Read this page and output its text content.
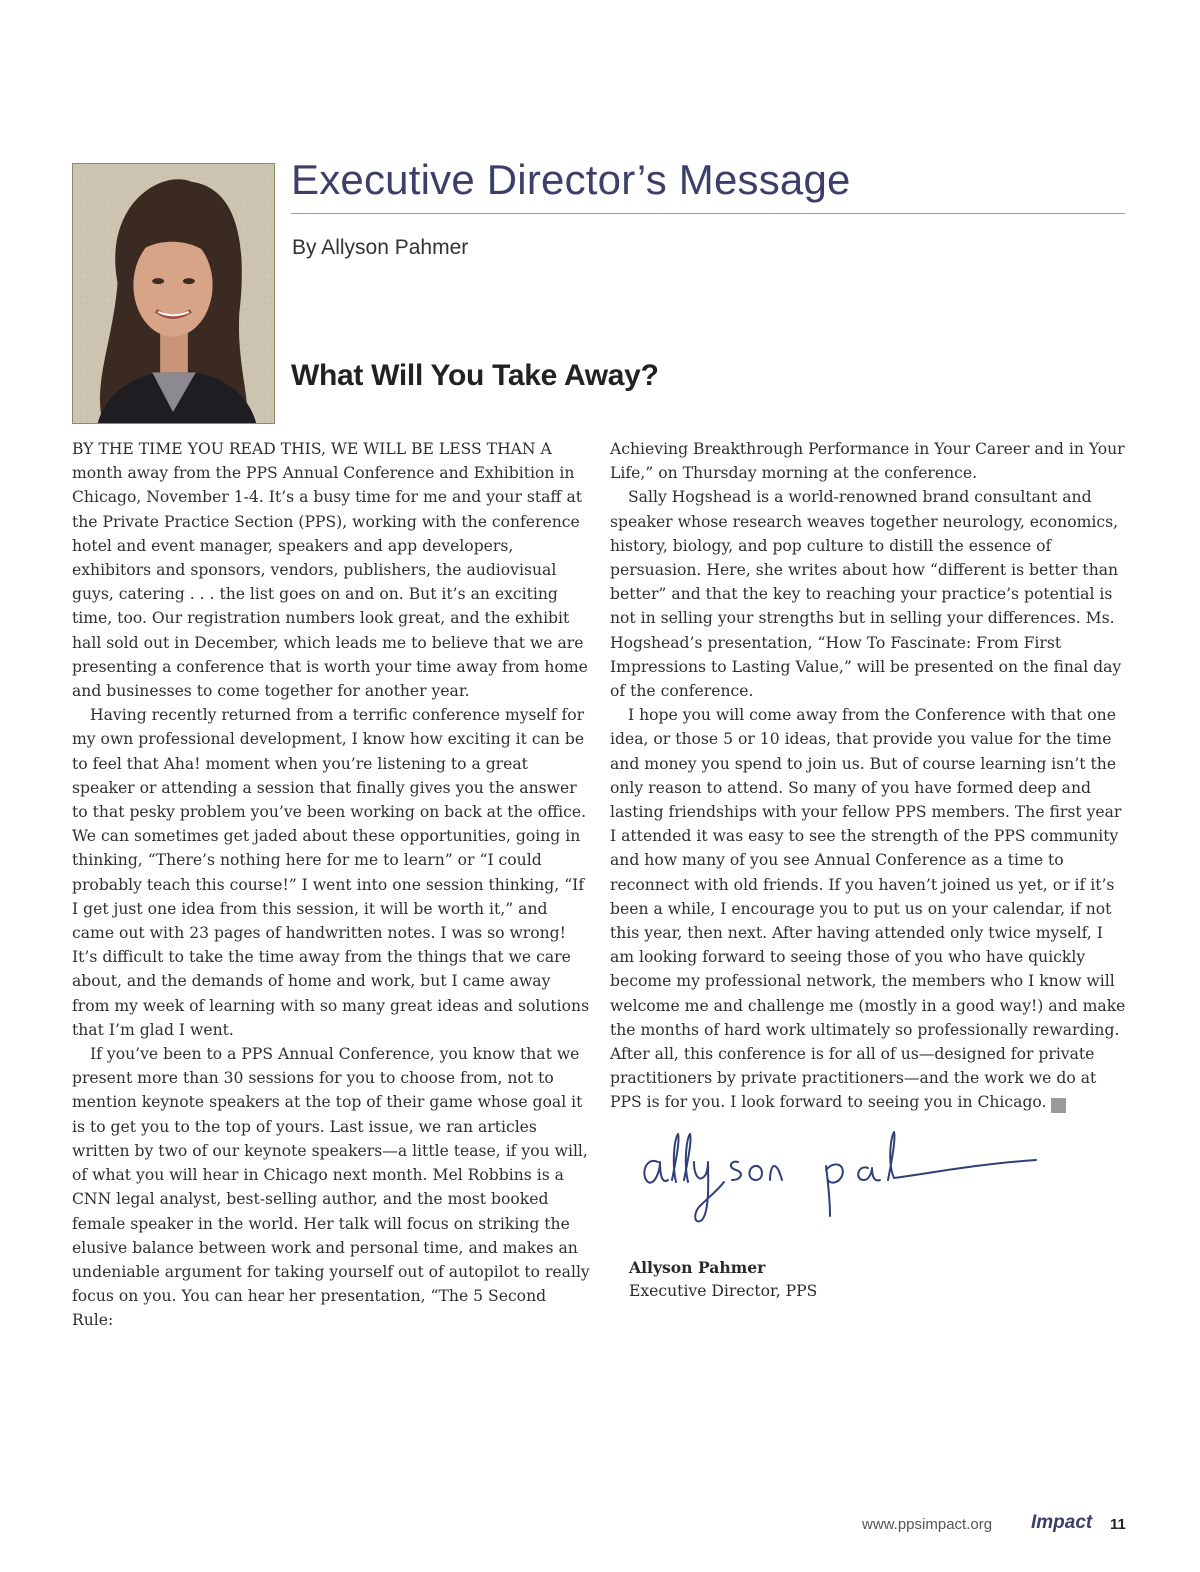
Executive Director’s Message
By Allyson Pahmer
What Will You Take Away?

BY THE TIME YOU READ THIS, WE WILL BE LESS THAN A month away from the PPS Annual Conference and Exhibition in Chicago, November 1-4. It’s a busy time for me and your staff at the Private Practice Section (PPS), working with the conference hotel and event manager, speakers and app developers, exhibitors and sponsors, vendors, publishers, the audiovisual guys, catering . . . the list goes on and on. But it’s an exciting time, too. Our registration numbers look great, and the exhibit hall sold out in December, which leads me to believe that we are presenting a conference that is worth your time away from home and businesses to come together for another year.

Having recently returned from a terrific conference myself for my own professional development, I know how exciting it can be to feel that Aha! moment when you’re listening to a great speaker or attending a session that finally gives you the answer to that pesky problem you’ve been working on back at the office. We can sometimes get jaded about these opportunities, going in thinking, “There’s nothing here for me to learn” or “I could probably teach this course!” I went into one session thinking, “If I get just one idea from this session, it will be worth it,” and came out with 23 pages of handwritten notes. I was so wrong! It’s difficult to take the time away from the things that we care about, and the demands of home and work, but I came away from my week of learning with so many great ideas and solutions that I’m glad I went.

If you’ve been to a PPS Annual Conference, you know that we present more than 30 sessions for you to choose from, not to mention keynote speakers at the top of their game whose goal it is to get you to the top of yours. Last issue, we ran articles written by two of our keynote speakers—a little tease, if you will, of what you will hear in Chicago next month. Mel Robbins is a CNN legal analyst, best-selling author, and the most booked female speaker in the world. Her talk will focus on striking the elusive balance between work and personal time, and makes an undeniable argument for taking yourself out of autopilot to really focus on you. You can hear her presentation, “The 5 Second Rule:

Achieving Breakthrough Performance in Your Career and in Your Life,” on Thursday morning at the conference.

Sally Hogshead is a world-renowned brand consultant and speaker whose research weaves together neurology, economics, history, biology, and pop culture to distill the essence of persuasion. Here, she writes about how “different is better than better” and that the key to reaching your practice’s potential is not in selling your strengths but in selling your differences. Ms. Hogshead’s presentation, “How To Fascinate: From First Impressions to Lasting Value,” will be presented on the final day of the conference.

I hope you will come away from the Conference with that one idea, or those 5 or 10 ideas, that provide you value for the time and money you spend to join us. But of course learning isn’t the only reason to attend. So many of you have formed deep and lasting friendships with your fellow PPS members. The first year I attended it was easy to see the strength of the PPS community and how many of you see Annual Conference as a time to reconnect with old friends. If you haven’t joined us yet, or if it’s been a while, I encourage you to put us on your calendar, if not this year, then next. After having attended only twice myself, I am looking forward to seeing those of you who have quickly become my professional network, the members who I know will welcome me and challenge me (mostly in a good way!) and make the months of hard work ultimately so professionally rewarding. After all, this conference is for all of us—designed for private practitioners by private practitioners—and the work we do at PPS is for you. I look forward to seeing you in Chicago. I

Allyson Pahmer
Executive Director, PPS
www.ppsimpact.org Impact 11
